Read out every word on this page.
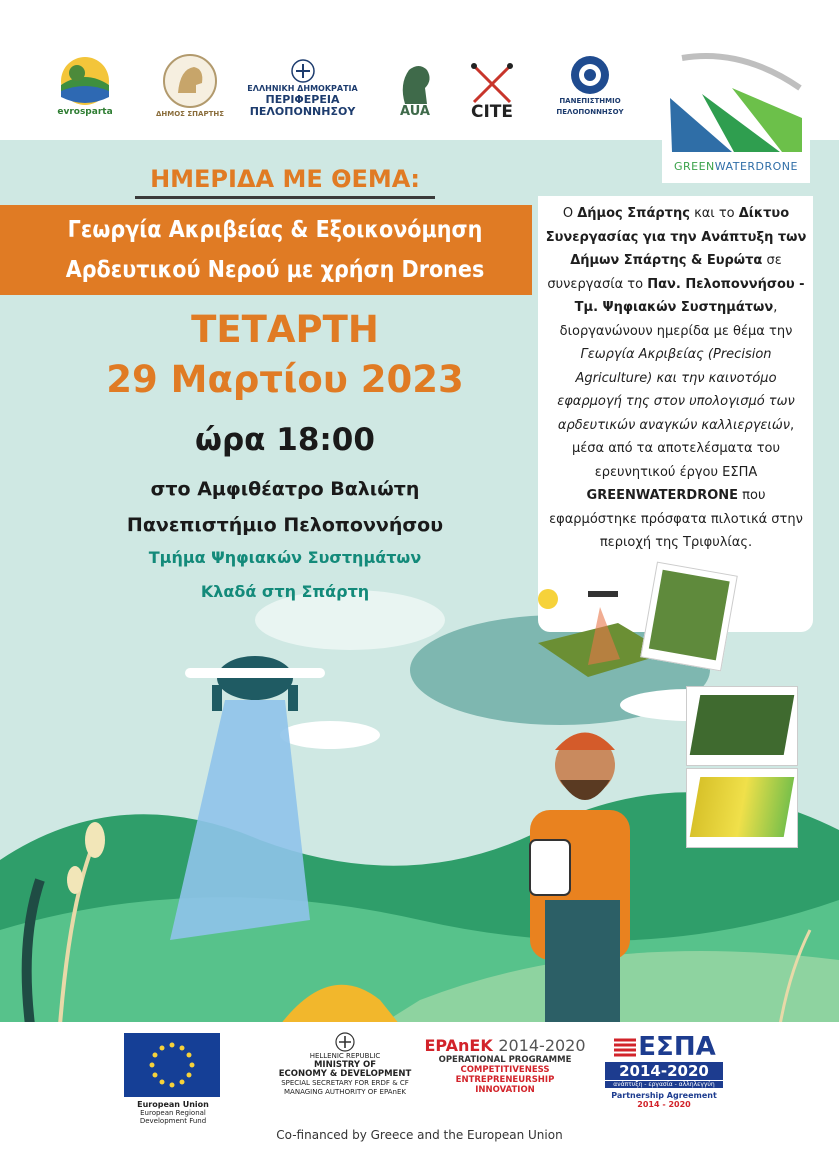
evrosparta	ΔΗΜΟΣ ΣΠΑΡΤΗΣ
ΕΛΛΗΝΙΚΗ ΔΗΜΟΚΡΑΤΙΑ
ΠΕΡΙΦΕΡΕΙΑ
ΠΕΛΟΠΟΝΝΗΣΟΥ	AUA CITE
ΠΑΝΕΠΙΣΤΗΜΙΟ
ΠΕΛΟΠΟΝΝΗΣΟΥ
GREENWATERDRONE
ΗΜΕΡΙΔΑ ΜΕ ΘΕΜΑ:
Γεωργία Ακριβείας & Εξοικονόμηση
Αρδευτικού Νερού με χρήση Drones
ΤΕΤΑΡΤΗ
29 Μαρτίου 2023
ώρα 18:00
στο Αμφιθέατρο Βαλιώτη
Πανεπιστήμιο Πελοποννήσου
Τμήμα Ψηφιακών Συστημάτων
Κλαδά στη Σπάρτη
Ο Δήμος Σπάρτης και το Δίκτυο Συνεργασίας για την Ανάπτυξη των Δήμων Σπάρτης & Ευρώτα σε συνεργασία το Παν. Πελοποννήσου - Τμ. Ψηφιακών Συστημάτων, διοργανώνουν ημερίδα με θέμα την Γεωργία Ακριβείας (Precision Agriculture) και την καινοτόμο εφαρμογή της στον υπολογισμό των αρδευτικών αναγκών καλλιεργειών, μέσα από τα αποτελέσματα του ερευνητικού έργου ΕΣΠΑ GREENWATERDRONE που εφαρμόστηκε πρόσφατα πιλοτικά στην περιοχή της Τριφυλίας.
European Union
European Regional
Development Fund
HELLENIC REPUBLIC
MINISTRY OF
ECONOMY & DEVELOPMENT
SPECIAL SECRETARY FOR ERDF & CF
MANAGING AUTHORITY OF EPAnEK
EPAnEK 2014-2020
OPERATIONAL PROGRAMME
COMPETITIVENESS
ENTREPRENEURSHIP
INNOVATION
ΕΣΠΑ
2014-2020
ανάπτυξη - εργασία - αλληλεγγύη
Partnership Agreement
2014 - 2020
Co-financed by Greece and the European Union
